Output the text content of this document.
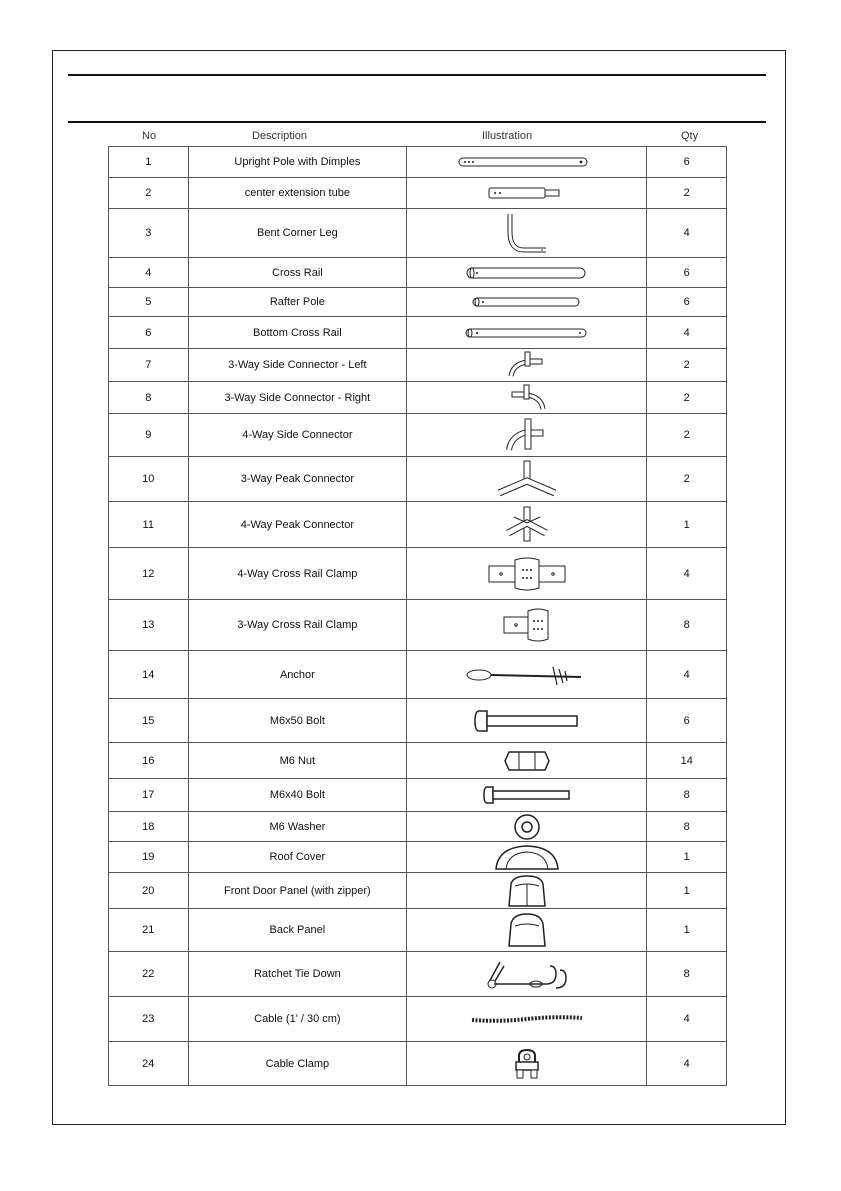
No	Description	Illustration	Qty
1	Upright Pole with Dimples		6
2	center extension tube		2
3	Bent Corner Leg		4
4	Cross Rail		6
5	Rafter Pole		6
6	Bottom Cross Rail		4
7	3-Way Side Connector - Left		2
8	3-Way Side Connector - Right		2
9	4-Way Side Connector		2
10	3-Way Peak Connector		2
11	4-Way Peak Connector		1
12	4-Way Cross Rail Clamp		4
13	3-Way Cross Rail Clamp		8
14	Anchor		4
15	M6x50 Bolt		6
16	M6 Nut		14
17	M6x40 Bolt		8
18	M6 Washer		8
19	Roof Cover		1
20	Front Door Panel (with zipper)		1
21	Back Panel		1
22	Ratchet Tie Down		8
23	Cable (1' / 30 cm)		4
24	Cable Clamp		4
